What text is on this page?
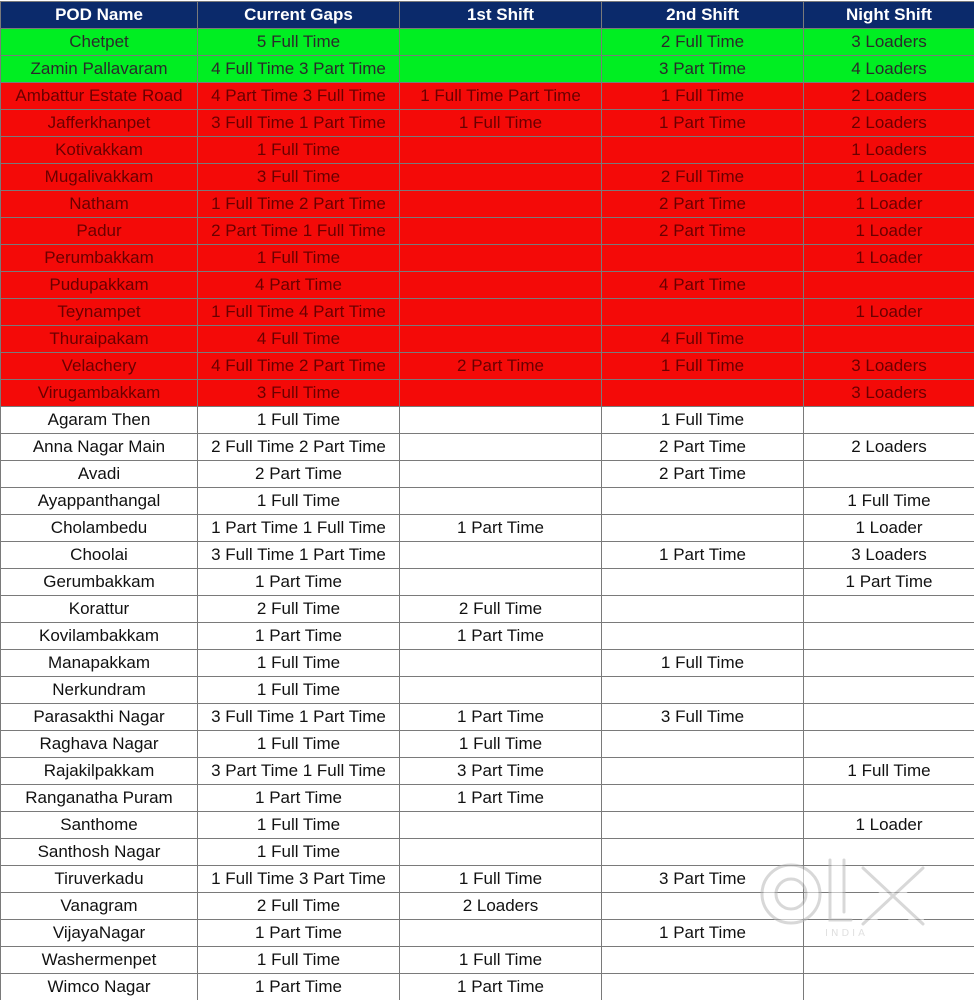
POD Name	Current Gaps	1st Shift	2nd Shift	Night Shift
Chetpet	5 Full Time		2 Full Time	3 Loaders
Zamin Pallavaram	4 Full Time 3 Part Time		3 Part Time	4 Loaders
Ambattur Estate Road	4 Part Time 3 Full Time	1 Full Time Part Time	1 Full Time	2 Loaders
Jafferkhanpet	3 Full Time 1 Part Time	1 Full Time	1 Part Time	2 Loaders
Kotivakkam	1 Full Time			1 Loaders
Mugalivakkam	3 Full Time		2 Full Time	1 Loader
Natham	1 Full Time 2 Part Time		2 Part Time	1 Loader
Padur	2 Part Time 1 Full Time		2 Part Time	1 Loader
Perumbakkam	1 Full Time			1 Loader
Pudupakkam	4 Part Time		4 Part Time	
Teynampet	1 Full Time 4 Part Time			1 Loader
Thuraipakam	4 Full Time		4 Full Time	
Velachery	4 Full Time 2 Part Time	2 Part Time	1 Full Time	3 Loaders
Virugambakkam	3 Full Time			3 Loaders
Agaram Then	1 Full Time		1 Full Time	
Anna Nagar Main	2 Full Time 2 Part Time		2 Part Time	2 Loaders
Avadi	2 Part Time		2 Part Time	
Ayappanthangal	1 Full Time			1 Full Time
Cholambedu	1 Part Time 1 Full Time	1 Part Time		1 Loader
Choolai	3 Full Time 1 Part Time		1 Part Time	3 Loaders
Gerumbakkam	1 Part Time			1 Part Time
Korattur	2 Full Time	2 Full Time		
Kovilambakkam	1 Part Time	1 Part Time		
Manapakkam	1 Full Time		1 Full Time	
Nerkundram	1 Full Time			
Parasakthi Nagar	3 Full Time 1 Part Time	1 Part Time	3 Full Time	
Raghava Nagar	1 Full Time	1 Full Time		
Rajakilpakkam	3 Part Time 1 Full Time	3 Part Time		1 Full Time
Ranganatha Puram	1 Part Time	1 Part Time		
Santhome	1 Full Time			1 Loader
Santhosh Nagar	1 Full Time			
Tiruverkadu	1 Full Time 3 Part Time	1 Full Time	3 Part Time	
Vanagram	2 Full Time	2 Loaders		
VijayaNagar	1 Part Time		1 Part Time	
Washermenpet	1 Full Time	1 Full Time		
Wimco Nagar	1 Part Time	1 Part Time		
INDIA
